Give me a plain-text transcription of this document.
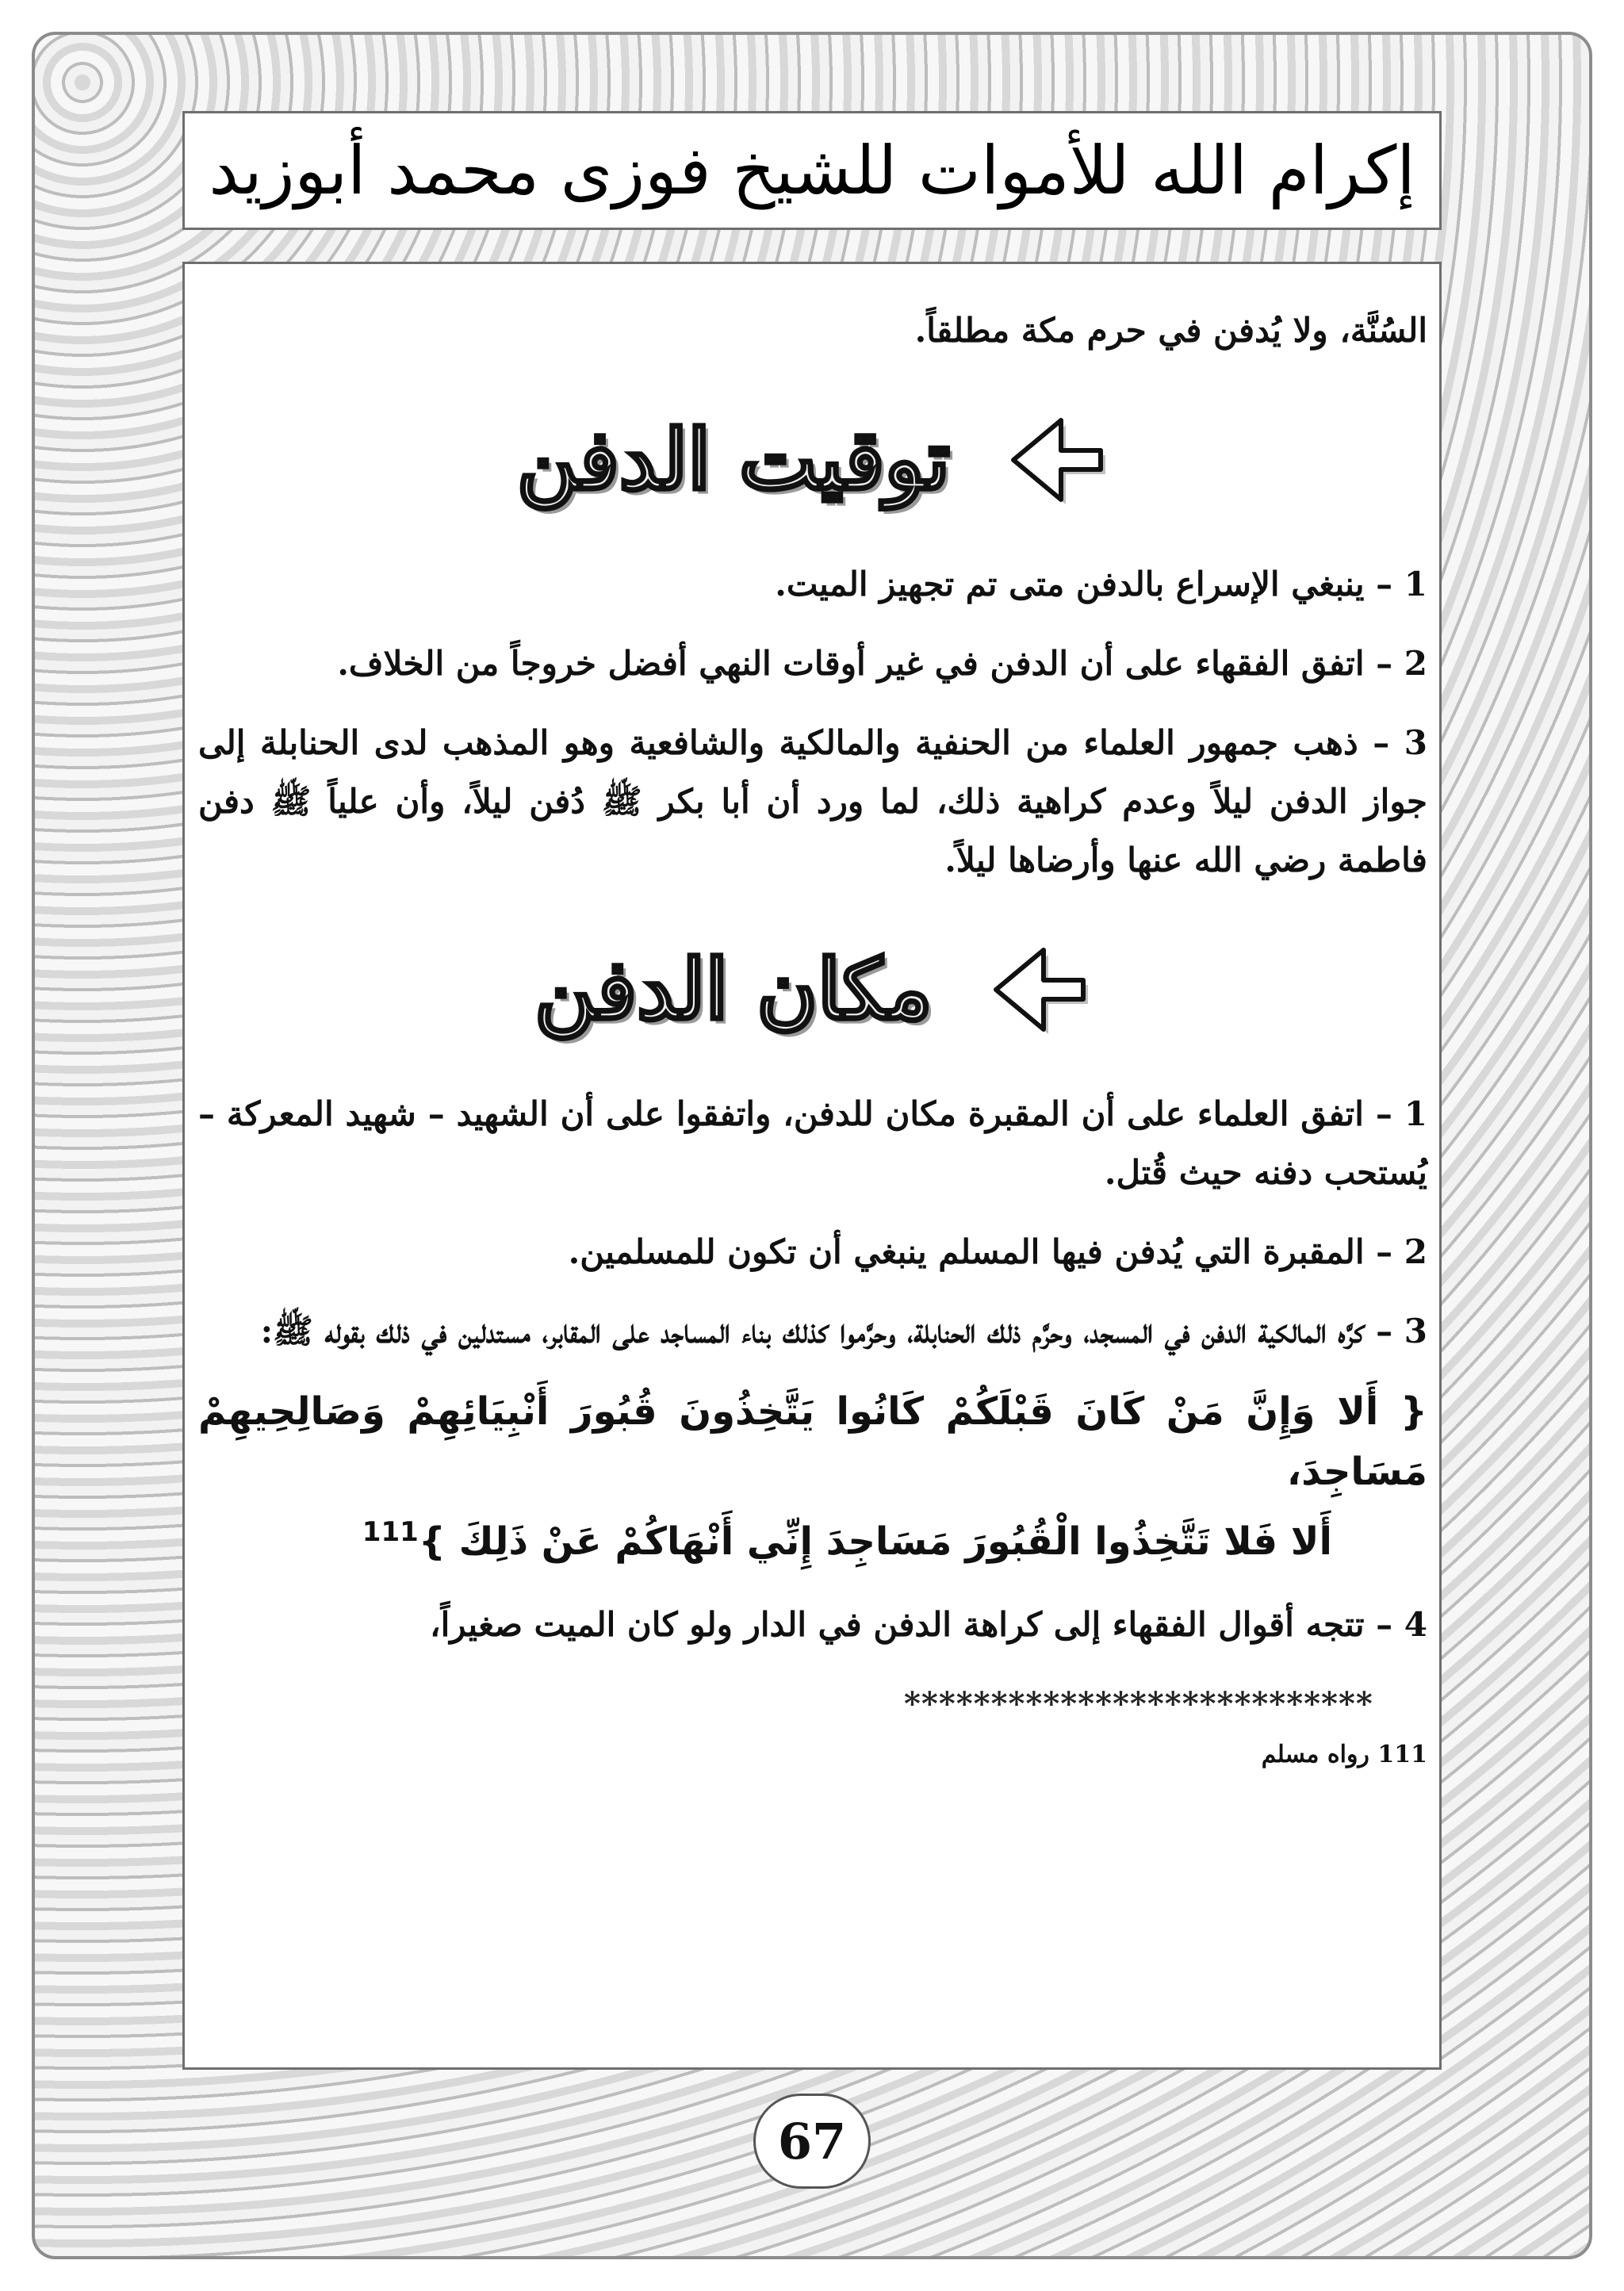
إكرام الله للأموات للشيخ فوزى محمد أبوزيد

السُنَّة، ولا يُدفن في حرم مكة مطلقاً.

توقيت الدفن

1 – ينبغي الإسراع بالدفن متى تم تجهيز الميت.

2 – اتفق الفقهاء على أن الدفن في غير أوقات النهي أفضل خروجاً من الخلاف.

3 – ذهب جمهور العلماء من الحنفية والمالكية والشافعية وهو المذهب لدى الحنابلة إلى جواز الدفن ليلاً وعدم كراهية ذلك، لما ورد أن أبا بكر ﷺ دُفن ليلاً، وأن علياً ﷺ دفن فاطمة رضي الله عنها وأرضاها ليلاً.

مكان الدفن

1 – اتفق العلماء على أن المقبرة مكان للدفن، واتفقوا على أن الشهيد – شهيد المعركة – يُستحب دفنه حيث قُتل.

2 – المقبرة التي يُدفن فيها المسلم ينبغي أن تكون للمسلمين.

3 – كرَّه المالكية الدفن في المسجد، وحرَّم ذلك الحنابلة، وحرَّموا كذلك بناء المساجد على المقابر، مستدلين في ذلك بقوله ﷺ:

{ أَلا وَإِنَّ مَنْ كَانَ قَبْلَكُمْ كَانُوا يَتَّخِذُونَ قُبُورَ أَنْبِيَائِهِمْ وَصَالِحِيهِمْ مَسَاجِدَ،
أَلا فَلا تَتَّخِذُوا الْقُبُورَ مَسَاجِدَ إِنِّي أَنْهَاكُمْ عَنْ ذَلِكَ }$^{111}$

4 – تتجه أقوال الفقهاء إلى كراهة الدفن في الدار ولو كان الميت صغيراً،

***************************
111 رواه مسلم
67
